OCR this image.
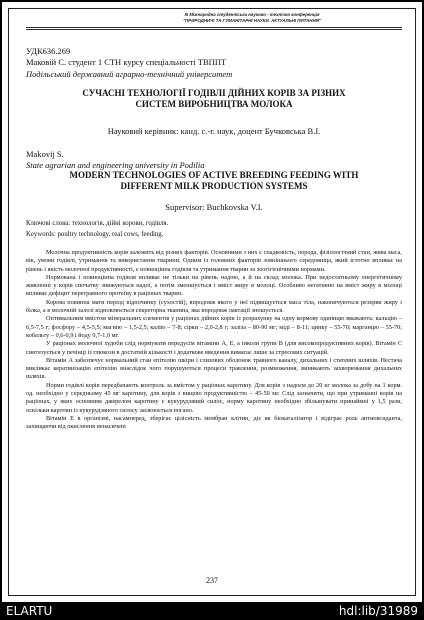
III Міжнародна студентська науково - технічна конференція
"ПРИРОДНИЧІ ТА ГУМАНІТАРНІ НАУКИ. АКТУАЛЬНІ ПИТАННЯ"
УДК636.269
Маковій С. студент 1 СТН курсу спеціальності ТВППТ
Подільський державний аграрно-технічний університет
СУЧАСНІ ТЕХНОЛОГІЇ ГОДІВЛІ ДІЙНИХ КОРІВ ЗА РІЗНИХ
СИСТЕМ ВИРОБНИЦТВА МОЛОКА
Науковий керівник: канд. с.-г. наук, доцент Бучковська В.І.
Makovij S.
State agrarian and engineering university in Podilia
MODERN TECHNOLOGIES OF ACTIVE BREEDING FEEDING WITH
DIFFERENT MILK PRODUCTION SYSTEMS
Supervisor: Buchkovska V.I.
Ключові слова: технологія, дійні корови, годівля.
Keywords: poultry technology, real cows, feeding.

Молочна продуктивність корів залежить від різних факторів. Основними з них є спадковість, порода, фізіологічний стан, жива маса, вік, умови годівлі, утримання та використання тварини. Одним із головних факторів зовнішнього середовища, який істотно впливає на рівень і якість молочної продуктивності, є повноцінна годівля та утримання тварин за зоогігієнічними нормами.

Нормована і повноцінна годівля впливає не тільки на рівень надою, а й на склад молока. При недостатньому енергетичному живленні у корів спочатку знижуються надої, а потім зменшується і вміст жиру в молоці. Особливо негативно на вміст жиру в молоці впливає дефіцит перетравного протеїну в раціонах тварин.

Корова повинна мати період відпочинку (сухостій), впродовж якого у неї підвищується маса тіла, накопичуються резерви жиру і білка, а в молочній залозі відновлюється секреторна тканина, яка впродовж лактації зношується.

Оптимальним вмістом мінеральних елементів у раціонах дійних корів із розрахунку на одну кормову одиницю вважають: кальцію – 6,5-7,5 г; фосфору – 4,5-5,5; магнію – 1,5-2,5; калію – 7-8; сірки – 2,0-2,8 г; заліза – 80-90 мг; міді – 8-11; цинку – 55-70; марганцю – 55-70; кобальту – 0,6-0,9 і йоду 0,7-1,0 мг.

У раціонах молочної худоби слід нормувати передусім вітаміни А, Е, а інколи групи В (для високопродуктивних корів). Вітамін С синтезується у печінці із глюкози в достатній кількості і додаткове введення вимагає лише за стресових ситуацій.

Вітамін А забезпечує нормальний стан епітелію шкіри і слизових оболонок травного каналу, дихальних і статевих шляхів. Нестача викликає кератинізацію епітелію внаслідок чого порушуються процеси травлення, розмноження, виникають захворювання дихальних шляхів.

Норми годівлі корів передбачають контроль за вмістом у раціонах каротину. Для корів з надоєм до 20 кг молока за добу на 1 корм. од. необхідно у середньому 45 мг каротину, для корів з вищою продуктивністю – 45-50 мг. Слід зазначити, що при утриманні корів на раціонах, у яких основним джерелом каротину є кукурудзяний силос, норму каротину необхідно збільшувати принаймні у 1,5 рази, оскільки каротин із кукурудзяного силосу засвоюється погано.

Вітамін Е в організмі, насамперед, зберігає цілісність мембран клітин, діє як біокаталізатор і відіграє роль антиоксиданта, захищаючи від окислення ненасичені

237
ELARTU	hdl:lib/31989
